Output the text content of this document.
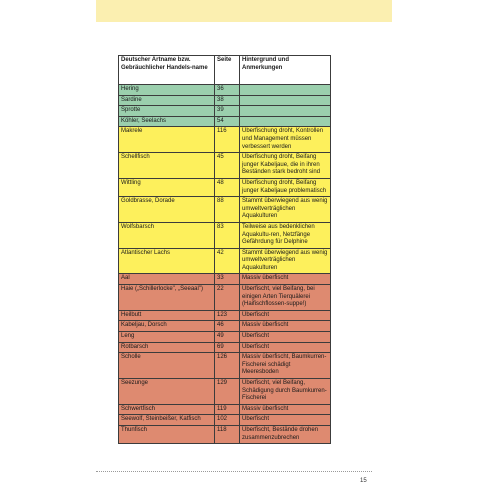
Deutscher Artname bzw. Gebräuchlicher Handels-name	Seite	Hintergrund und Anmerkungen
Hering	36	
Sardine	38	
Sprotte	39	
Köhler, Seelachs	54	
Makrele	116	Überfischung droht, Kontrollen und Management müssen verbessert werden
Schellfisch	45	Überfischung droht, Beifang junger Kabeljaue, die in ihren Beständen stark bedroht sind
Wittling	48	Überfischung droht, Beifang junger Kabeljaue problematisch
Goldbrasse, Dorade	88	Stammt überwiegend aus wenig umweltverträglichen Aquakulturen
Wolfsbarsch	83	Teilweise aus bedenklichen Aquakultu-ren, Netzfänge Gefährdung für Delphine
Atlantischer Lachs	42	Stammt überwiegend aus wenig umweltverträglichen Aquakulturen
Aal	33	Massiv überfischt
Haie („Schillerlocke", „Seeaal")	22	Überfischt, viel Beifang, bei einigen Arten Tierquälerei (Haifischflossen-suppe!)
Heilbutt	123	Überfischt
Kabeljau, Dorsch	46	Massiv überfischt
Leng	49	Überfischt
Rotbarsch	69	Überfischt
Scholle	126	Massiv überfischt, Baumkurren-Fischerei schädigt Meeresboden
Seezunge	129	Überfischt, viel Beifang, Schädigung durch Baumkurren-Fischerei
Schwertfisch	119	Massiv überfischt
Seewolf, Steinbeißer, Katfisch	102	Überfischt
Thunfisch	118	Überfischt, Bestände drohen zusammenzubrechen
15
